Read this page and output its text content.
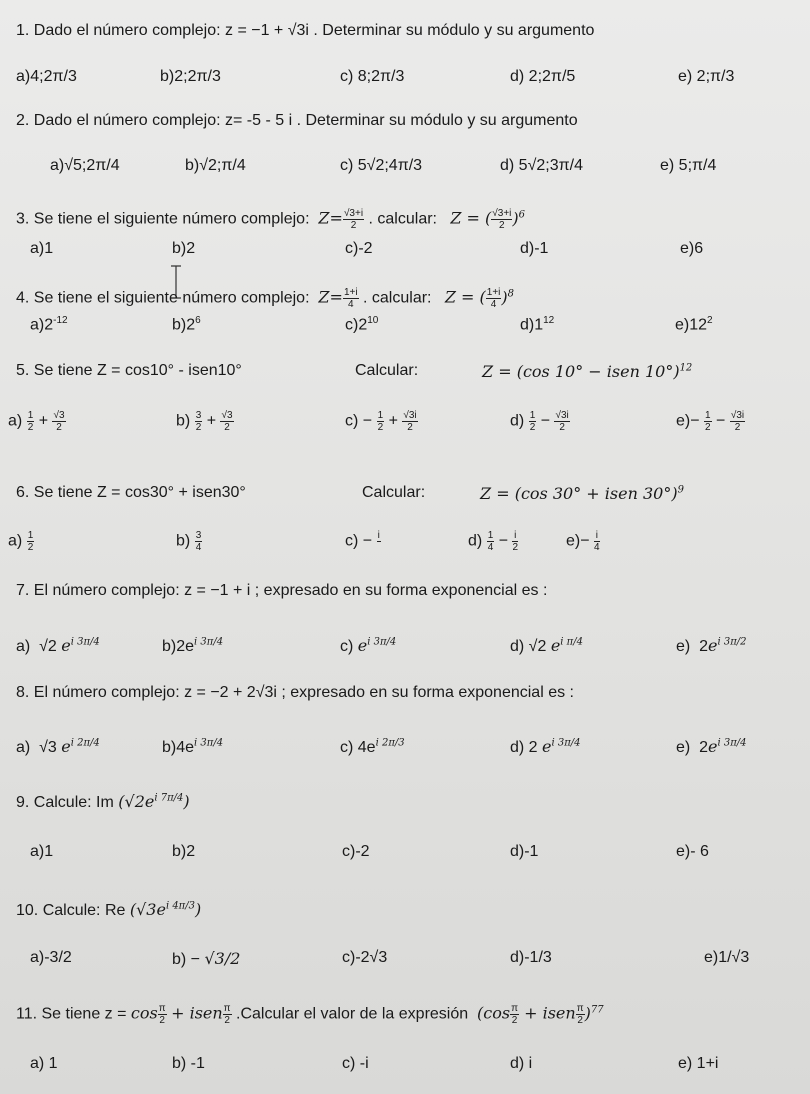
1. Dado el número complejo: z = −1 + √3i . Determinar su módulo y su argumento
a)4;2π/3	b)2;2π/3	c) 8;2π/3	d) 2;2π/5	e) 2;π/3
2. Dado el número complejo: z= -5 - 5 i . Determinar su módulo y su argumento
a)√5;2π/4	b)√2;π/4	c) 5√2;4π/3	d) 5√2;3π/4	e) 5;π/4
3. Se tiene el siguiente número complejo: $Z= \frac{√3+i}{2}$ . calcular: Z = ( $\frac{√3+i}{2} )^6$
a)1	b)2	c)-2	d)-1	e)6
4. Se tiene el siguiente número complejo: $Z= \frac{1+i}{4}$ . calcular: Z = ( $\frac{1+i}{4} )^8$
$a)2^{-12}$	$b)2^6$	$c)2^{10}$	$d)1^{12}$	$e)12^2$
5. Se tiene Z = cos10° - isen10°	Calcular:	Z = (cos 10° − isen 10°)$^{12}$
$a) \frac{1}{2} + \frac{√3}{2}$	$b) \frac{3}{2} + \frac{√3}{2}$	$c) - \frac{1}{2} + \frac{√3i}{2}$	$d) \frac{1}{2} - \frac{√3i}{2}$	$e)- \frac{1}{2} - \frac{√3i}{2}$
6. Se tiene Z = cos30° + isen30°	Calcular:	Z = (cos 30° + isen 30°)$^9$
$a) \frac{1}{2}$	$b) \frac{3}{4}$	c) − i
	$d) \frac{1}{4} - \frac{i}{2}$	$e)- \frac{i}{4}$
7. El número complejo: z = −1 + i ; expresado en su forma exponencial es :
a)  √2 $e^{i 3\pi/4}$	$b)2e^{i 3\pi/4}$	c) $e^{i 3\pi/4}$	d) √2 $e^{i \pi/4}$	e)  $2e^{i 3\pi/2}$
8. El número complejo: z = −2 + 2√3i ; expresado en su forma exponencial es :
a)  √3 $e^{i 2\pi/4}$	$b)4e^{i 3\pi/4}$	c) $4e^{i 2\pi/3}$	d) 2 $e^{i 3\pi/4}$	e)  $2e^{i 3\pi/4}$
9. Calcule: Im $(√2e^{i 7\pi/4})$
a)1	b)2	c)-2	d)-1	e)- 6
10. Calcule: Re $(√3e^{i 4\pi/3})$
a)-3/2	b) − √3/2	c)-2√3	d)-1/3	e)1/√3
11. Se tiene $z = \cos \frac{\pi}{2}$ + isen $\frac{\pi}{2}$ .Calcular el valor de la expresión ($\cos \frac{\pi}{2}$ + isen $\frac{\pi}{2} )^{77}$
a) 1	b) -1	c) -i	d) i	e) 1+i
